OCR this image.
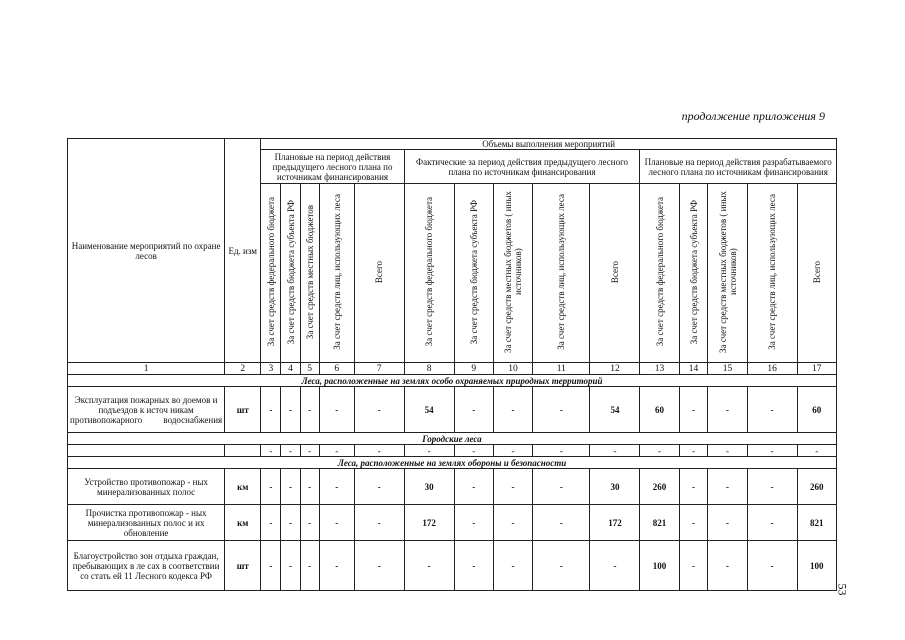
продолжение приложения 9
Наименование мероприятий по охране лесов	Ед. изм	Объемы выполнения мероприятий														
		Плановые на период действия предыдущего лесного плана по источникам финансирования					Фактические за период действия предыдущего лесного плана по источникам финансирования					Плановые на период действия разрабатываемого лесного плана по источникам финансирования				
		За счет средств федерального бюджета	За счет средств бюджета субъекта РФ	За счет средств местных бюджетов	За счет средств лиц, использующих леса	Всего	За счет средств федерального бюджета	За счет средств бюджета субъекта РФ	За счет средств местных бюджетов ( иных источников)	За счет средств лиц, использующих леса	Всего	За счет средств федерального бюджета	За счет средств бюджета субъекта РФ	За счет средств местных бюджетов ( иных источников)	За счет средств лиц, использующих леса	Всего
1	2	3	4	5	6	7	8	9	10	11	12	13	14	15	16	17
Леса, расположенные на землях особо охраняемых природных территорий																
Эксплуатация пожарных во доемов и подъездов к источ никам противопожарного водоснабжения	шт	-	-	-	-	-	54	-	-	-	54	60	-	-	-	60
Городские леса																
		-	-	-	-	-	-	-	-	-	-	-	-	-	-	-
Леса, расположенные на землях обороны и безопасности																
Устройство противопожар - ных минерализованных полос	км	-	-	-	-	-	30	-	-	-	30	260	-	-	-	260
Прочистка противопожар - ных минерализованных полос и их обновление	км	-	-	-	-	-	172	-	-	-	172	821	-	-	-	821
Благоустройство зон отдыха граждан, пребывающих в ле сах в соответствии со стать ей 11 Лесного кодекса РФ	шт	-	-	-	-	-	-	-	-	-	-	100	-	-	-	100
53
